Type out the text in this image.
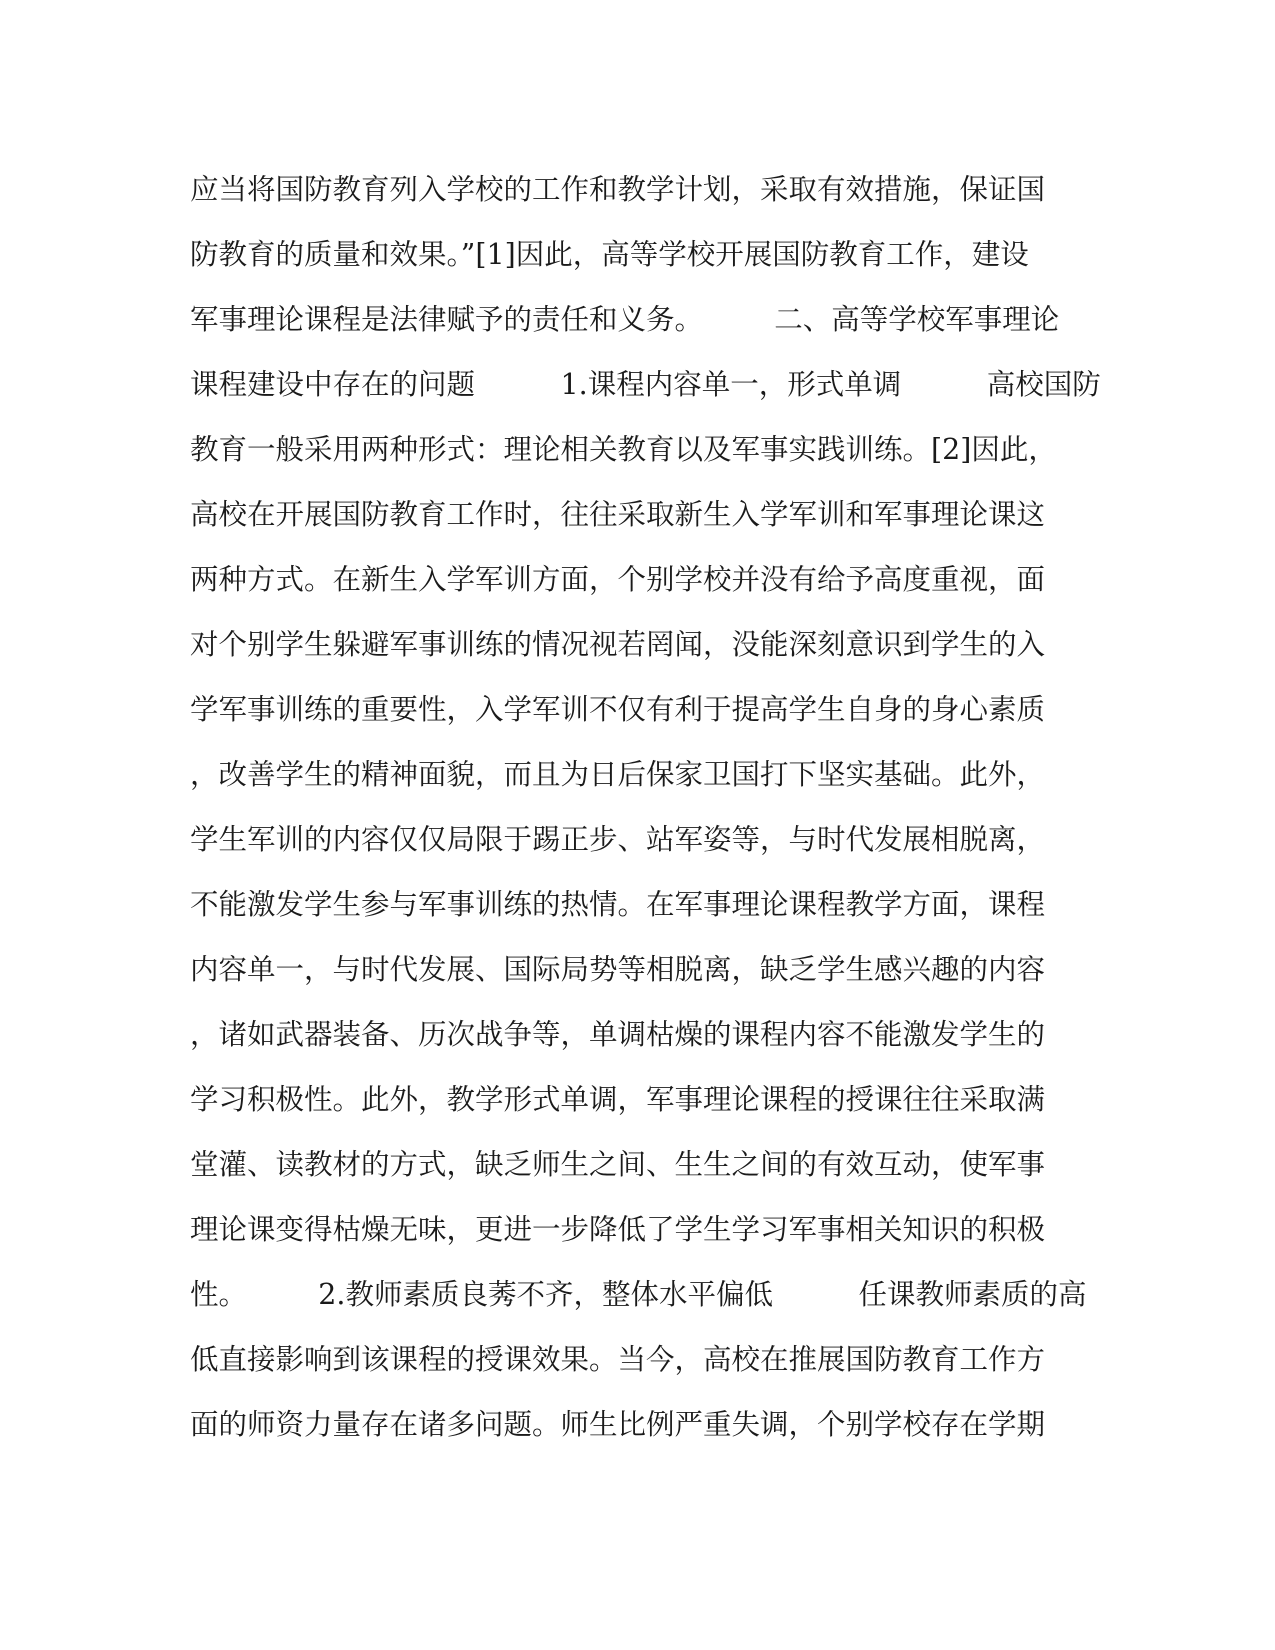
应当将国防教育列入学校的工作和教学计划，采取有效措施，保证国
防教育的质量和效果。”[1]因此，高等学校开展国防教育工作，建设
军事理论课程是法律赋予的责任和义务。　　　二、高等学校军事理论
课程建设中存在的问题　　　1.课程内容单一，形式单调　　　高校国防
教育一般采用两种形式：理论相关教育以及军事实践训练。[2]因此，
高校在开展国防教育工作时，往往采取新生入学军训和军事理论课这
两种方式。在新生入学军训方面，个别学校并没有给予高度重视，面
对个别学生躲避军事训练的情况视若罔闻，没能深刻意识到学生的入
学军事训练的重要性，入学军训不仅有利于提高学生自身的身心素质
，改善学生的精神面貌，而且为日后保家卫国打下坚实基础。此外，
学生军训的内容仅仅局限于踢正步、站军姿等，与时代发展相脱离，
不能激发学生参与军事训练的热情。在军事理论课程教学方面，课程
内容单一，与时代发展、国际局势等相脱离，缺乏学生感兴趣的内容
，诸如武器装备、历次战争等，单调枯燥的课程内容不能激发学生的
学习积极性。此外，教学形式单调，军事理论课程的授课往往采取满
堂灌、读教材的方式，缺乏师生之间、生生之间的有效互动，使军事
理论课变得枯燥无味，更进一步降低了学生学习军事相关知识的积极
性。　　　2.教师素质良莠不齐，整体水平偏低　　　任课教师素质的高
低直接影响到该课程的授课效果。当今，高校在推展国防教育工作方
面的师资力量存在诸多问题。师生比例严重失调，个别学校存在学期
